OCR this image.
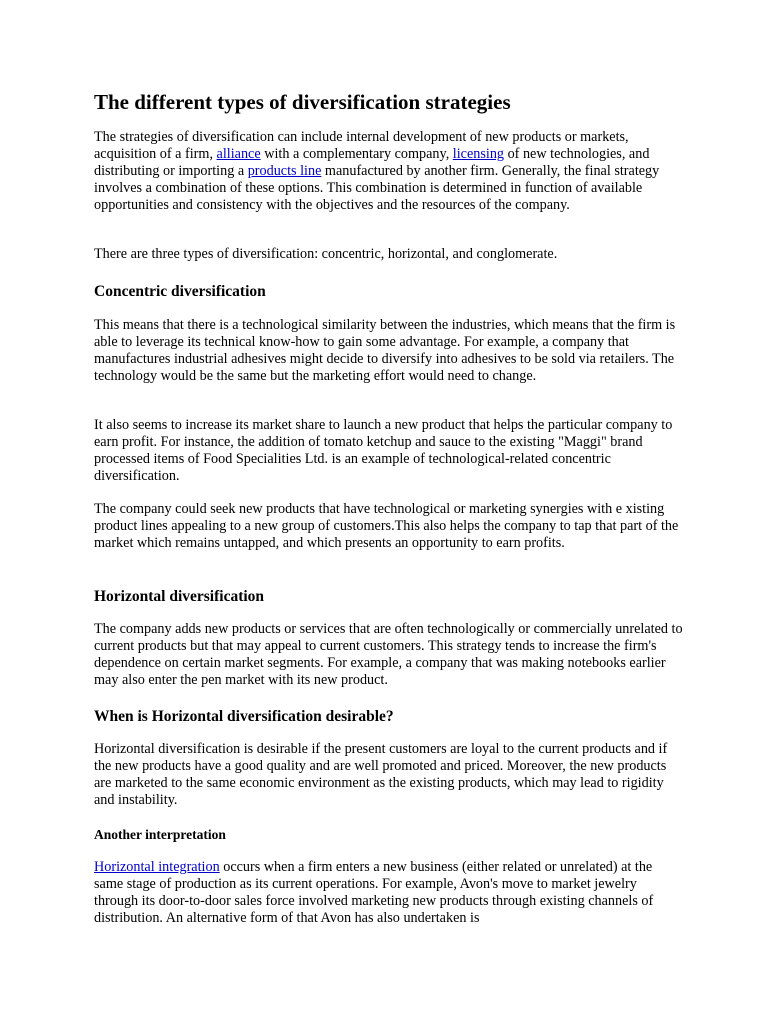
The different types of diversification strategies

The strategies of diversification can include internal development of new products or markets, acquisition of a firm, alliance with a complementary company, licensing of new technologies, and distributing or importing a products line manufactured by another firm. Generally, the final strategy involves a combination of these options. This combination is determined in function of available opportunities and consistency with the objectives and the resources of the company.

There are three types of diversification: concentric, horizontal, and conglomerate.

Concentric diversification

This means that there is a technological similarity between the industries, which means that the firm is able to leverage its technical know-how to gain some advantage. For example, a company that manufactures industrial adhesives might decide to diversify into adhesives to be sold via retailers. The technology would be the same but the marketing effort would need to change.

It also seems to increase its market share to launch a new product that helps the particular company to earn profit. For instance, the addition of tomato ketchup and sauce to the existing "Maggi" brand processed items of Food Specialities Ltd. is an example of technological-related concentric diversification.

The company could seek new products that have technological or marketing synergies with e xisting product lines appealing to a new group of customers.This also helps the company to tap that part of the market which remains untapped, and which presents an opportunity to earn profits.

Horizontal diversification

The company adds new products or services that are often technologically or commercially unrelated to current products but that may appeal to current customers. This strategy tends to increase the firm's dependence on certain market segments. For example, a company that was making notebooks earlier may also enter the pen market with its new product.

When is Horizontal diversification desirable?

Horizontal diversification is desirable if the present customers are loyal to the current products and if the new products have a good quality and are well promoted and priced. Moreover, the new products are marketed to the same economic environment as the existing products, which may lead to rigidity and instability.

Another interpretation

Horizontal integration occurs when a firm enters a new business (either related or unrelated) at the same stage of production as its current operations. For example, Avon's move to market jewelry through its door-to-door sales force involved marketing new products through existing channels of distribution. An alternative form of that Avon has also undertaken is
